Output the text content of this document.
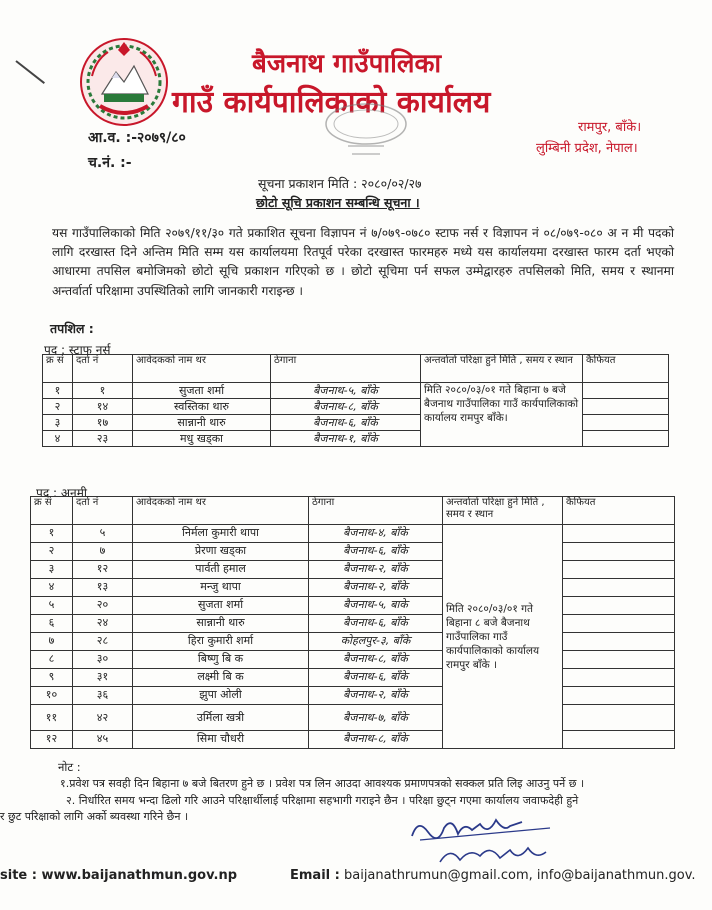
बैजनाथ गाउँपालिका
गाउँ कार्यपालिकाको कार्यालय
रामपुर, बाँके।
लुम्बिनी प्रदेश, नेपाल।
आ.व. :-२०७९/८०
च.नं. :-
सूचना प्रकाशन मिति : २०८०/०२/२७
छोटो सूचि प्रकाशन सम्बन्धि सूचना ।
यस गाउँपालिकाको मिति २०७९/११/३० गते प्रकाशित सूचना विज्ञापन नं ७/०७९-०७८० स्टाफ नर्स र विज्ञापन नं ०८/०७९-०८० अ न मी पदको लागि दरखास्त दिने अन्तिम मिति सम्म यस कार्यालयमा रितपूर्व परेका दरखास्त फारमहरु मध्ये यस कार्यालयमा दरखास्त फारम दर्ता भएको आधारमा तपसिल बमोजिमको छोटो सूचि प्रकाशन गरिएको छ । छोटो सूचिमा पर्न सफल उम्मेद्वारहरु तपसिलको मिति, समय र स्थानमा अन्तर्वार्ता परिक्षामा उपस्थितिको लागि जानकारी गराइन्छ ।
तपशिल :
पद : स्टाफ नर्स
क्र सं	दर्ता नं	आवेदकको नाम थर	ठेगाना	अन्तर्वार्ता परिक्षा हुने मिति , समय र स्थान	कैफियत
१	१	सुजता शर्मा	बैजनाथ-५, बाँके	मिति २०८०/०३/०१ गते बिहाना ७ बजे बैजनाथ गाउँपालिका गाउँ कार्यपालिकाको कार्यालय रामपुर बाँके।	
२	१४	स्वस्तिका थारु	बैजनाथ-८, बाँके		
३	१७	सान्नानी थारु	बैजनाथ-६, बाँके		
४	२३	मधु खड्का	बैजनाथ-१, बाँके		
पद : अनमी
क्र सं	दर्ता नं	आवेदकको नाम थर	ठेगाना	अन्तर्वार्ता परिक्षा हुने मिति , समय र स्थान	कैफियत
१	५	निर्मला कुमारी थापा	बैजनाथ-४, बाँके	मिति २०८०/०३/०१ गते बिहाना ८ बजे बैजनाथ गाउँपालिका गाउँ कार्यपालिकाको कार्यालय रामपुर बाँके ।	
२	७	प्रेरणा खड्का	बैजनाथ-६, बाँके		
३	१२	पार्वती हमाल	बैजनाथ-२, बाँके		
४	१३	मन्जु थापा	बैजनाथ-२, बाँके		
५	२०	सुजता शर्मा	बैजनाथ-५, बाके		
६	२४	सान्नानी थारु	बैजनाथ-६, बाँके		
७	२८	हिरा कुमारी शर्मा	कोहलपुर-३, बाँके		
८	३०	बिष्णु बि क	बैजनाथ-८, बाँके		
९	३१	लक्ष्मी बि क	बैजनाथ-६, बाँके		
१०	३६	झुपा ओली	बैजनाथ-२, बाँके		
११	४२	उर्मिला खत्री	बैजनाथ-७, बाँके		
१२	४५	सिमा चौधरी	बैजनाथ-८, बाँके		
नोट :
१.प्रवेश पत्र सवही दिन बिहाना ७ बजे बितरण हुने छ । प्रवेश पत्र लिन आउदा आवश्यक प्रमाणपत्रको सक्कल प्रति लिइ आउनु पर्ने छ ।
२. निर्धारित समय भन्दा ढिलो गरि आउने परिक्षार्थीलाई परिक्षामा सहभागी गराइने छैन । परिक्षा छुट्न गएमा कार्यालय जवाफदेही हुने
र छुट परिक्षाको लागि अर्को ब्यवस्था गरिने छैन ।
site : www.baijanathmun.gov.np	Email : baijanathrumun@gmail.com, info@baijanathmun.gov.
